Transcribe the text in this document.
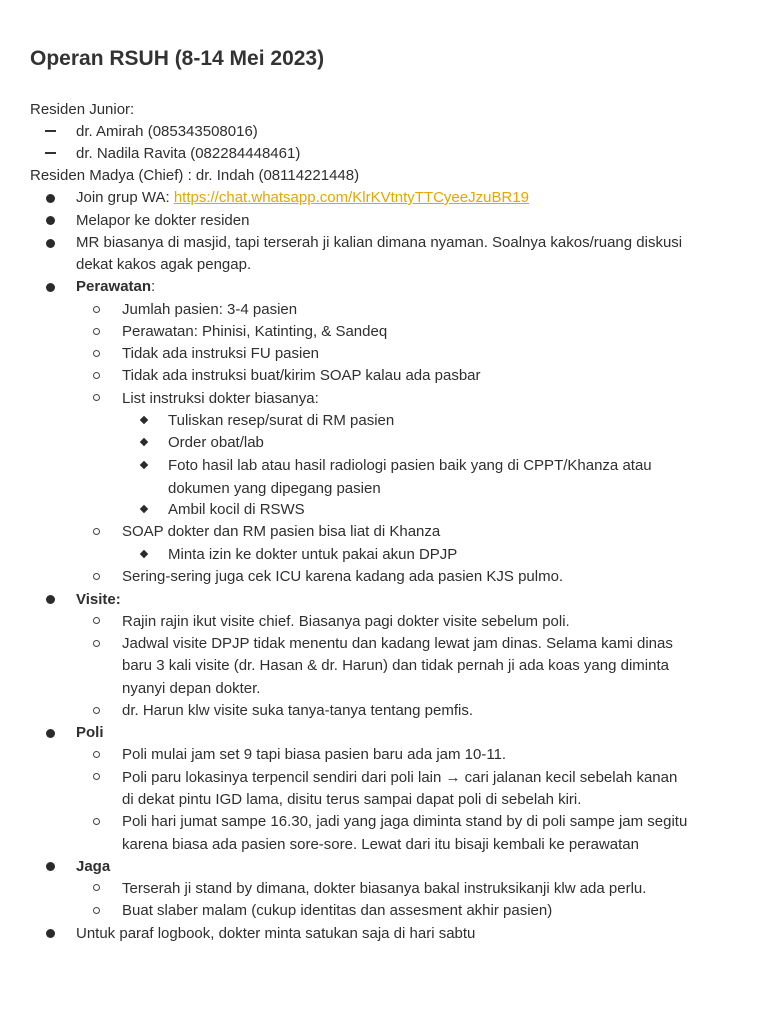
Operan RSUH (8-14 Mei 2023)
Residen Junior:
dr. Amirah (085343508016)
dr. Nadila Ravita (082284448461)
Residen Madya (Chief) : dr. Indah (08114221448)
Join grup WA: https://chat.whatsapp.com/KlrKVtntyTTCyeeJzuBR19
Melapor ke dokter residen
MR biasanya di masjid, tapi terserah ji kalian dimana nyaman. Soalnya kakos/ruang diskusi
dekat kakos agak pengap.
Perawatan:
Jumlah pasien: 3-4 pasien
Perawatan: Phinisi, Katinting, & Sandeq
Tidak ada instruksi FU pasien
Tidak ada instruksi buat/kirim SOAP kalau ada pasbar
List instruksi dokter biasanya:
Tuliskan resep/surat di RM pasien
Order obat/lab
Foto hasil lab atau hasil radiologi pasien baik yang di CPPT/Khanza atau
dokumen yang dipegang pasien
Ambil kocil di RSWS
SOAP dokter dan RM pasien bisa liat di Khanza
Minta izin ke dokter untuk pakai akun DPJP
Sering-sering juga cek ICU karena kadang ada pasien KJS pulmo.
Visite:
Rajin rajin ikut visite chief. Biasanya pagi dokter visite sebelum poli.
Jadwal visite DPJP tidak menentu dan kadang lewat jam dinas. Selama kami dinas
baru 3 kali visite (dr. Hasan & dr. Harun) dan tidak pernah ji ada koas yang diminta
nyanyi depan dokter.
dr. Harun klw visite suka tanya-tanya tentang pemfis.
Poli
Poli mulai jam set 9 tapi biasa pasien baru ada jam 10-11.
Poli paru lokasinya terpencil sendiri dari poli lain → cari jalanan kecil sebelah kanan
di dekat pintu IGD lama, disitu terus sampai dapat poli di sebelah kiri.
Poli hari jumat sampe 16.30, jadi yang jaga diminta stand by di poli sampe jam segitu
karena biasa ada pasien sore-sore. Lewat dari itu bisaji kembali ke perawatan
Jaga
Terserah ji stand by dimana, dokter biasanya bakal instruksikanji klw ada perlu.
Buat slaber malam (cukup identitas dan assesment akhir pasien)
Untuk paraf logbook, dokter minta satukan saja di hari sabtu
